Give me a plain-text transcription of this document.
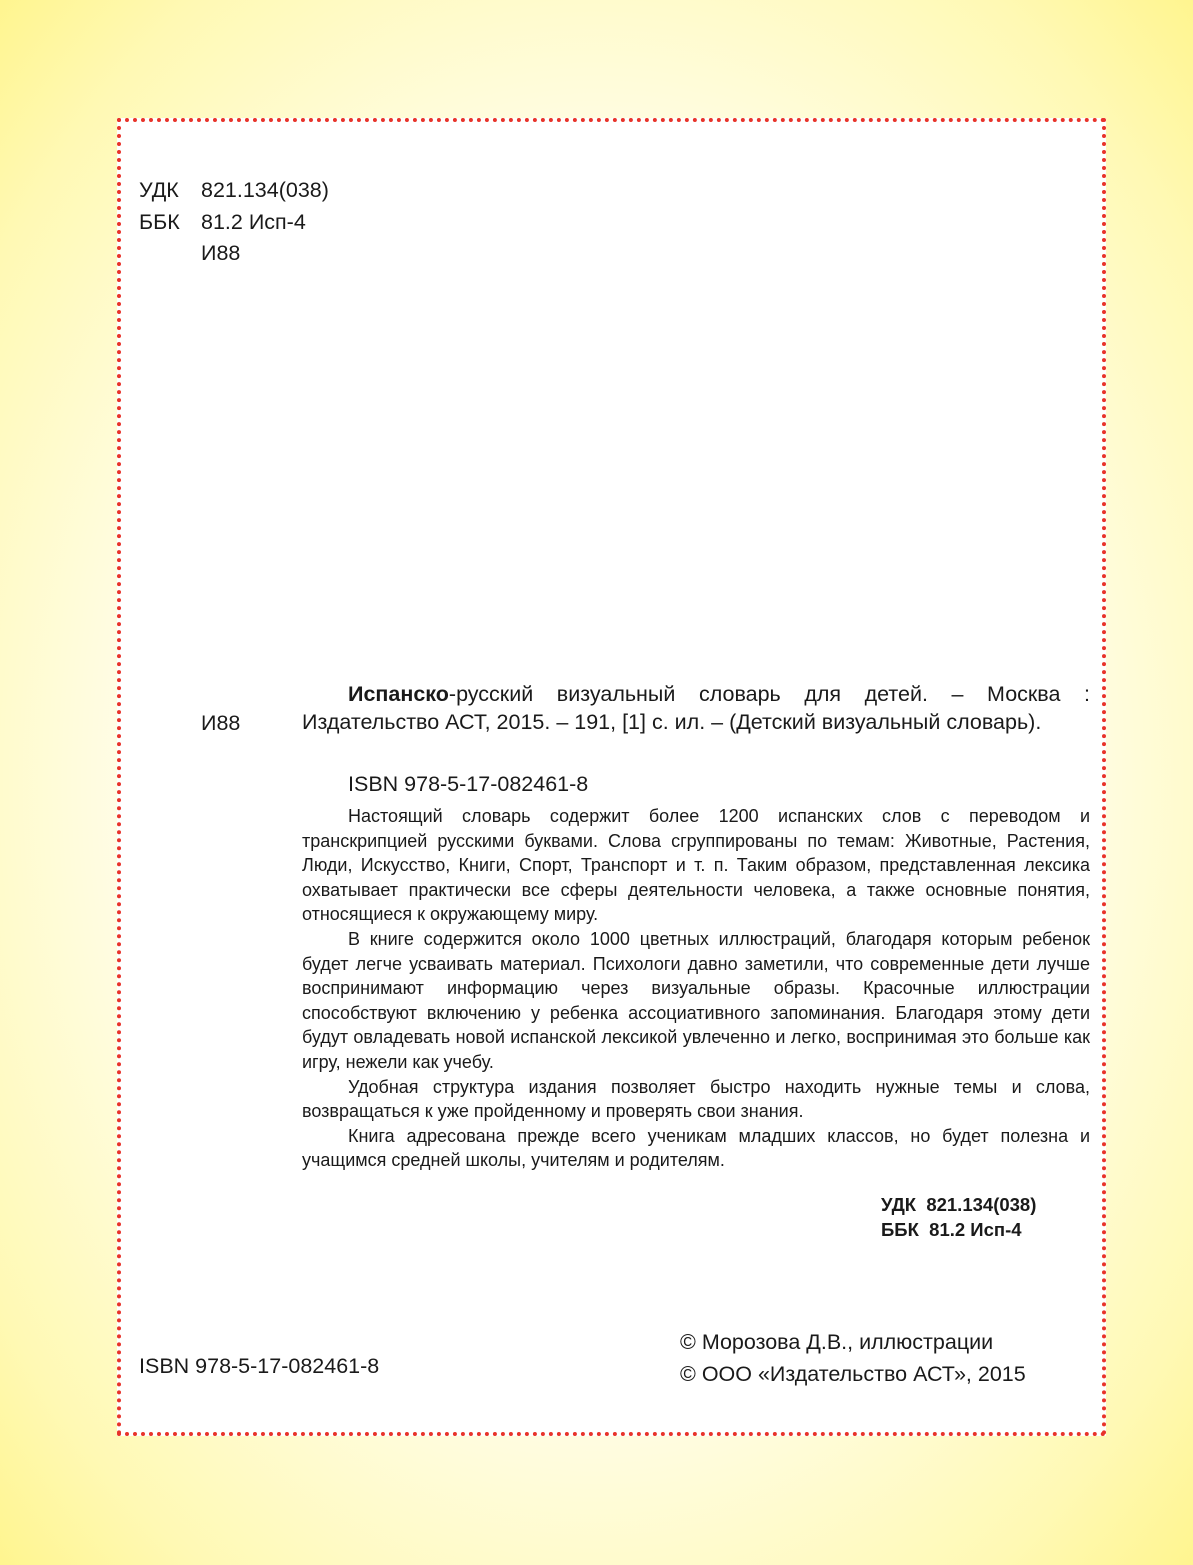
УДК 821.134(038)
ББК 81.2 Исп-4
И88
И88

Испанско-русский визуальный словарь для детей. – Москва : Издательство АСТ, 2015. – 191, [1] с. ил. – (Детский визуальный словарь).

ISBN 978-5-17-082461-8

Настоящий словарь содержит более 1200 испанских слов с переводом и транскрипцией русскими буквами. Слова сгруппированы по темам: Животные, Растения, Люди, Искусство, Книги, Спорт, Транспорт и т. п. Таким образом, представленная лексика охватывает практически все сферы деятельности человека, а также основные понятия, относящиеся к окружающему миру.

В книге содержится около 1000 цветных иллюстраций, благодаря которым ребенок будет легче усваивать материал. Психологи давно заметили, что современные дети лучше воспринимают информацию через визуальные образы. Красочные иллюстрации способствуют включению у ребенка ассоциативного запоминания. Благодаря этому дети будут овладевать новой испанской лексикой увлеченно и легко, воспринимая это больше как игру, нежели как учебу.

Удобная структура издания позволяет быстро находить нужные темы и слова, возвращаться к уже пройденному и проверять свои знания.

Книга адресована прежде всего ученикам младших классов, но будет полезна и учащимся средней школы, учителям и родителям.

УДК  821.134(038)
ББК  81.2 Исп-4
© Морозова Д.В., иллюстрации
© ООО «Издательство АСТ», 2015
ISBN 978-5-17-082461-8
